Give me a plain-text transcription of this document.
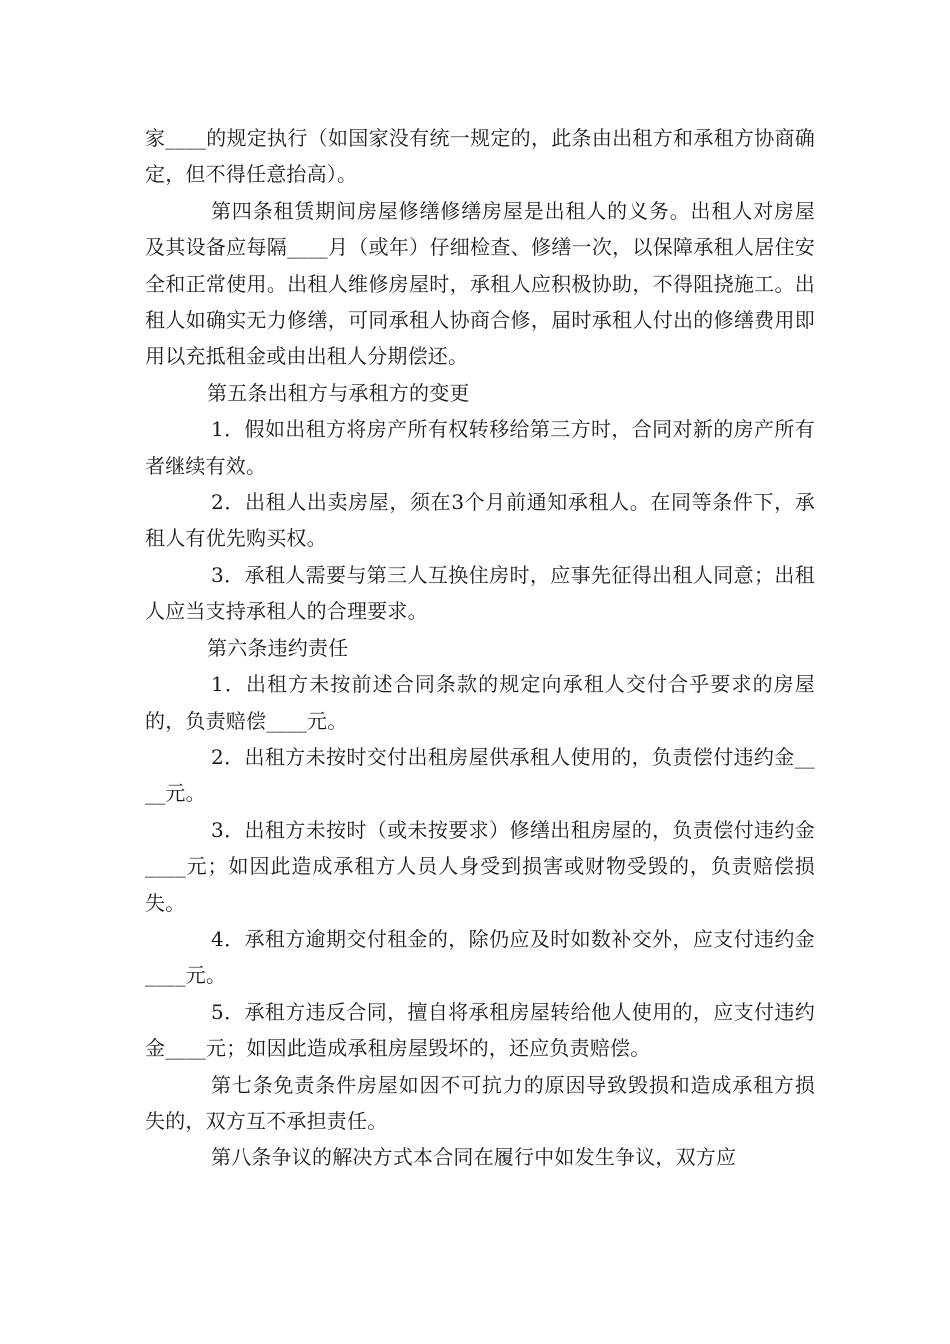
家____的规定执行（如国家没有统一规定的，此条由出租方和承租方协商确定，但不得任意抬高）。

第四条租赁期间房屋修缮修缮房屋是出租人的义务。出租人对房屋及其设备应每隔____月（或年）仔细检查、修缮一次，以保障承租人居住安全和正常使用。出租人维修房屋时，承租人应积极协助，不得阻挠施工。出租人如确实无力修缮，可同承租人协商合修，届时承租人付出的修缮费用即用以充抵租金或由出租人分期偿还。

第五条出租方与承租方的变更

1．假如出租方将房产所有权转移给第三方时，合同对新的房产所有者继续有效。

2．出租人出卖房屋，须在3个月前通知承租人。在同等条件下，承租人有优先购买权。

3．承租人需要与第三人互换住房时，应事先征得出租人同意；出租人应当支持承租人的合理要求。

第六条违约责任

1．出租方未按前述合同条款的规定向承租人交付合乎要求的房屋的，负责赔偿____元。

2．出租方未按时交付出租房屋供承租人使用的，负责偿付违约金____元。

3．出租方未按时（或未按要求）修缮出租房屋的，负责偿付违约金____元；如因此造成承租方人员人身受到损害或财物受毁的，负责赔偿损失。

4．承租方逾期交付租金的，除仍应及时如数补交外，应支付违约金____元。

5．承租方违反合同，擅自将承租房屋转给他人使用的，应支付违约金____元；如因此造成承租房屋毁坏的，还应负责赔偿。

第七条免责条件房屋如因不可抗力的原因导致毁损和造成承租方损失的，双方互不承担责任。

第八条争议的解决方式本合同在履行中如发生争议，双方应
